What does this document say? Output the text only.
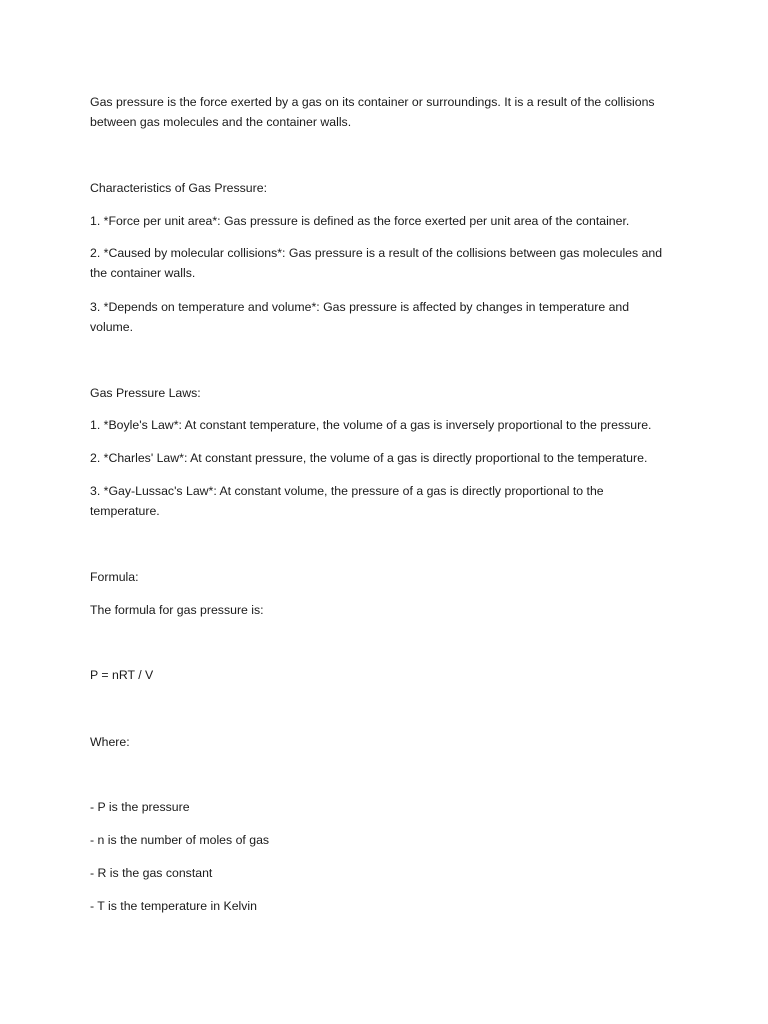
Gas pressure is the force exerted by a gas on its container or surroundings. It is a result of the collisions

between gas molecules and the container walls.

Characteristics of Gas Pressure:

1. *Force per unit area*: Gas pressure is defined as the force exerted per unit area of the container.

2. *Caused by molecular collisions*: Gas pressure is a result of the collisions between gas molecules and

the container walls.

3. *Depends on temperature and volume*: Gas pressure is affected by changes in temperature and

volume.

Gas Pressure Laws:

1. *Boyle's Law*: At constant temperature, the volume of a gas is inversely proportional to the pressure.

2. *Charles' Law*: At constant pressure, the volume of a gas is directly proportional to the temperature.

3. *Gay-Lussac's Law*: At constant volume, the pressure of a gas is directly proportional to the

temperature.

Formula:

The formula for gas pressure is:

P = nRT / V

Where:

- P is the pressure

- n is the number of moles of gas

- R is the gas constant

- T is the temperature in Kelvin
